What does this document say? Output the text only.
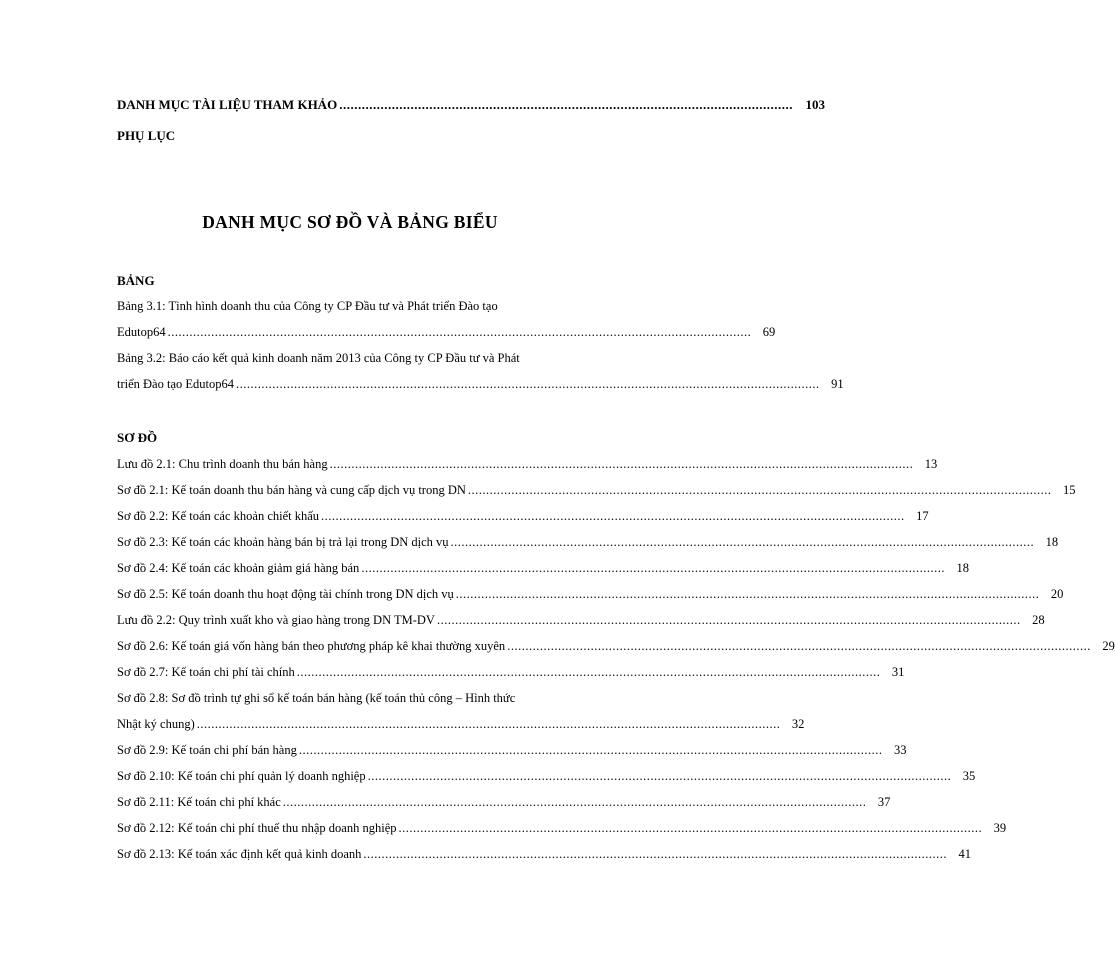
DANH MỤC TÀI LIỆU THAM KHẢO ......................................................................................................................... 103
PHỤ LỤC
DANH MỤC SƠ ĐỒ VÀ BẢNG BIỂU
BẢNG
Bảng 3.1: Tình hình doanh thu của Công ty CP Đầu tư và Phát triển Đào tạo
Edutop64 ................................................................................................................................................................. 69
Bảng 3.2: Báo cáo kết quả kinh doanh năm 2013 của Công ty CP Đầu tư và Phát
triển Đào tạo Edutop64 ................................................................................................................................................................. 91
SƠ ĐỒ
Lưu đồ 2.1: Chu trình doanh thu bán hàng ................................................................................................................................................................. 13
Sơ đồ 2.1: Kế toán doanh thu bán hàng và cung cấp dịch vụ trong DN ................................................................................................................................................................. 15
Sơ đồ 2.2: Kế toán các khoản chiết khấu ................................................................................................................................................................. 17
Sơ đồ 2.3: Kế toán các khoản hàng bán bị trả lại trong DN dịch vụ ................................................................................................................................................................. 18
Sơ đồ 2.4: Kế toán các khoản giảm giá hàng bán ................................................................................................................................................................. 18
Sơ đồ 2.5: Kế toán doanh thu hoạt động tài chính trong DN dịch vụ ................................................................................................................................................................. 20
Lưu đồ 2.2: Quy trình xuất kho và giao hàng trong DN TM-DV ................................................................................................................................................................. 28
Sơ đồ 2.6: Kế toán giá vốn hàng bán theo phương pháp kê khai thường xuyên ................................................................................................................................................................. 29
Sơ đồ 2.7: Kế toán chi phí tài chính ................................................................................................................................................................. 31
Sơ đồ 2.8: Sơ đồ trình tự ghi sổ kế toán bán hàng (kế toán thủ công – Hình thức
Nhật ký chung) ................................................................................................................................................................. 32
Sơ đồ 2.9: Kế toán chi phí bán hàng ................................................................................................................................................................. 33
Sơ đồ 2.10: Kế toán chi phí quản lý doanh nghiệp ................................................................................................................................................................. 35
Sơ đồ 2.11: Kế toán chi phí khác ................................................................................................................................................................. 37
Sơ đồ 2.12: Kế toán chi phí thuế thu nhập doanh nghiệp ................................................................................................................................................................. 39
Sơ đồ 2.13: Kế toán xác định kết quả kinh doanh ................................................................................................................................................................. 41
